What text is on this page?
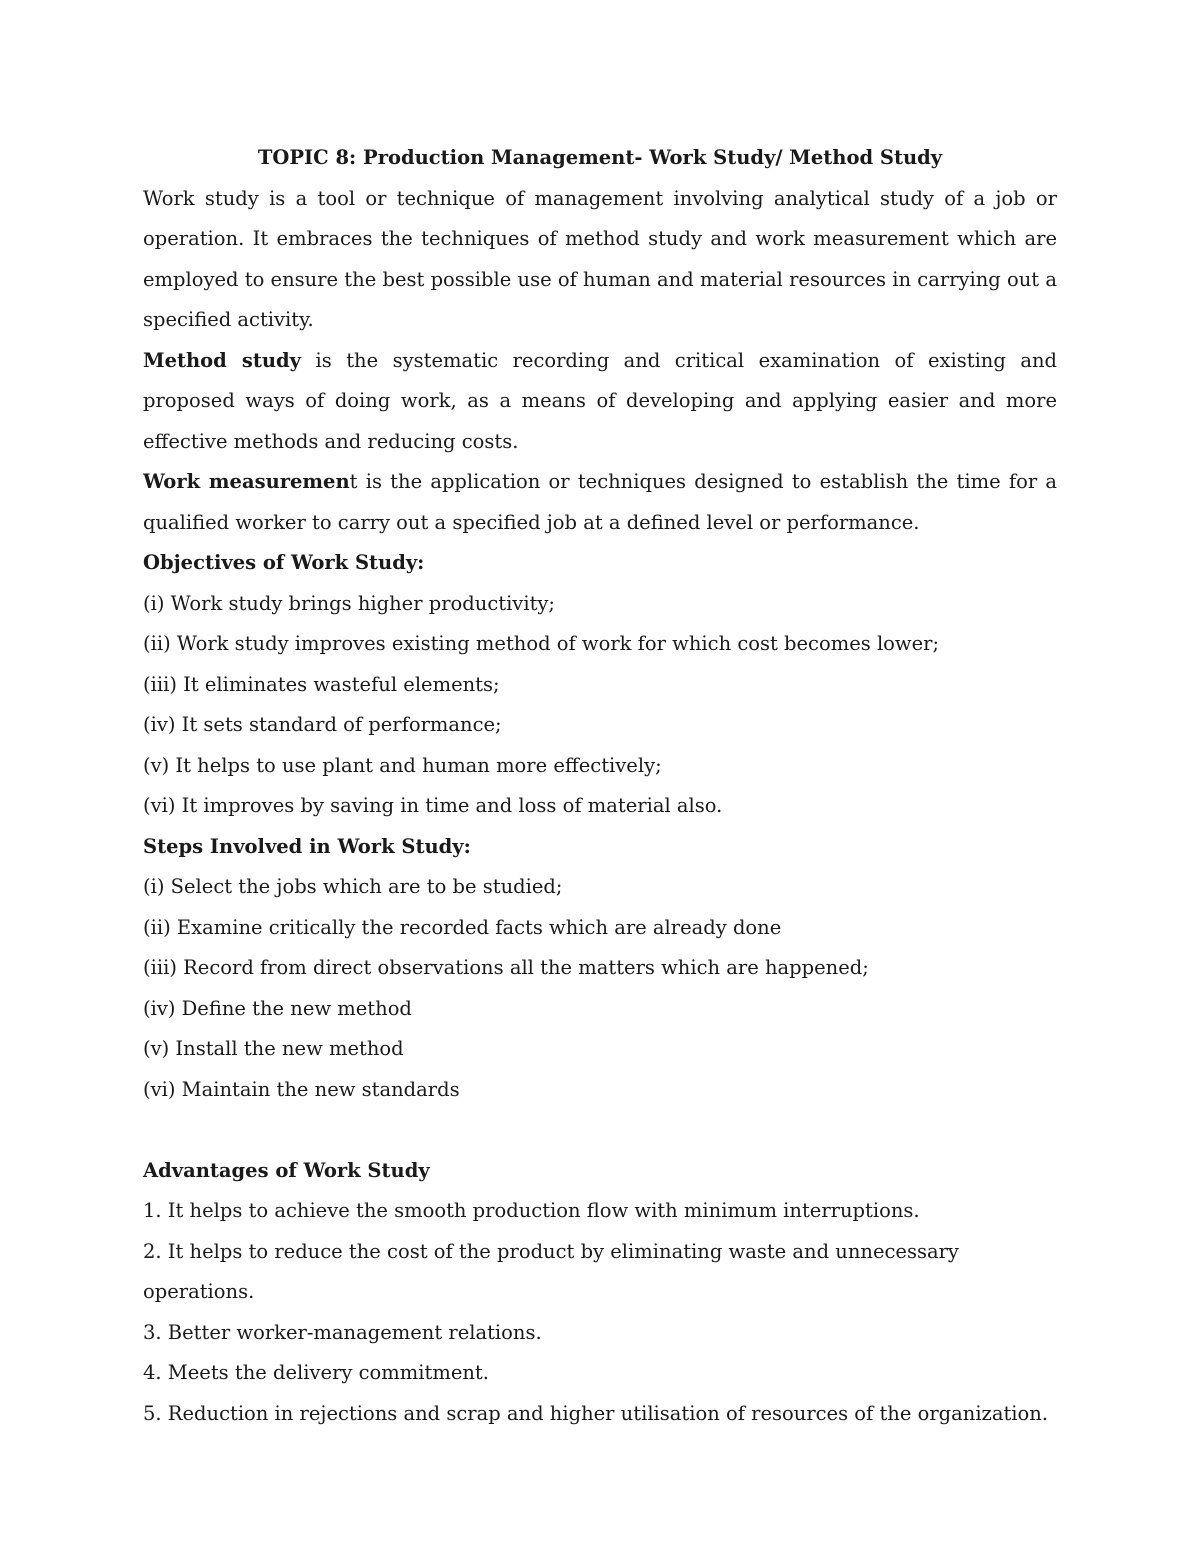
TOPIC 8: Production Management- Work Study/ Method Study

Work study is a tool or technique of management involving analytical study of a job or operation. It embraces the techniques of method study and work measurement which are employed to ensure the best possible use of human and material resources in carrying out a specified activity.

Method study is the systematic recording and critical examination of existing and proposed ways of doing work, as a means of developing and applying easier and more effective methods and reducing costs.

Work measurement is the application or techniques designed to establish the time for a qualified worker to carry out a specified job at a defined level or performance.

Objectives of Work Study:

(i) Work study brings higher productivity;

(ii) Work study improves existing method of work for which cost becomes lower;

(iii) It eliminates wasteful elements;

(iv) It sets standard of performance;

(v) It helps to use plant and human more effectively;

(vi) It improves by saving in time and loss of material also.

Steps Involved in Work Study:

(i) Select the jobs which are to be studied;

(ii) Examine critically the recorded facts which are already done

(iii) Record from direct observations all the matters which are happened;

(iv) Define the new method

(v) Install the new method

(vi) Maintain the new standards

Advantages of Work Study

1. It helps to achieve the smooth production flow with minimum interruptions.

2. It helps to reduce the cost of the product by eliminating waste and unnecessary operations.

3. Better worker-management relations.

4. Meets the delivery commitment.

5. Reduction in rejections and scrap and higher utilisation of resources of the organization.
